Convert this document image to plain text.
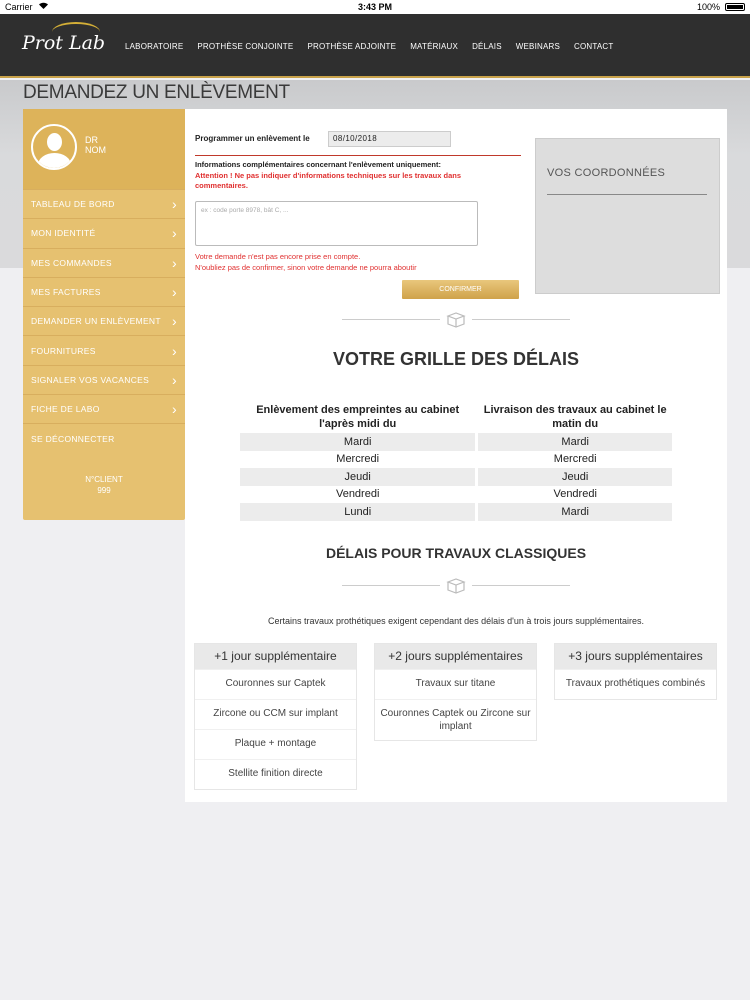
Carrier	3:43 PM	100%
Prot Lab LABORATOIRE PROTHÈSE CONJOINTE PROTHÈSE ADJOINTE MATÉRIAUX DÉLAIS WEBINARS CONTACT
DEMANDEZ UN ENLÈVEMENT
DR
NOM
TABLEAU DE BORD	›
MON IDENTITÉ	›
MES COMMANDES	›
MES FACTURES	›
DEMANDER UN ENLÈVEMENT ›
FOURNITURES	›
SIGNALER VOS VACANCES ›
FICHE DE LABO	›
SE DÉCONNECTER
N°CLIENT
999
Programmer un enlèvement le	08/10/2018
Informations complémentaires concernant l'enlèvement uniquement:
Attention ! Ne pas indiquer d'informations techniques sur les travaux dans commentaires.
ex : code porte 8978, bât C, ...
Votre demande n'est pas encore prise en compte.
N'oubliez pas de confirmer, sinon votre demande ne pourra aboutir
CONFIRMER
VOS COORDONNÉES
VOTRE GRILLE DES DÉLAIS
Enlèvement des empreintes au cabinet l'après midi du	Livraison des travaux au cabinet le matin du
Mardi	Mardi
Mercredi	Mercredi
Jeudi	Jeudi
Vendredi	Vendredi
Lundi	Mardi
DÉLAIS POUR TRAVAUX CLASSIQUES
Certains travaux prothétiques exigent cependant des délais d'un à trois jours supplémentaires.
+1 jour supplémentaire
Couronnes sur Captek
Zircone ou CCM sur implant
Plaque + montage
Stellite finition directe
+2 jours supplémentaires
Travaux sur titane
Couronnes Captek ou Zircone sur implant
+3 jours supplémentaires
Travaux prothétiques combinés
